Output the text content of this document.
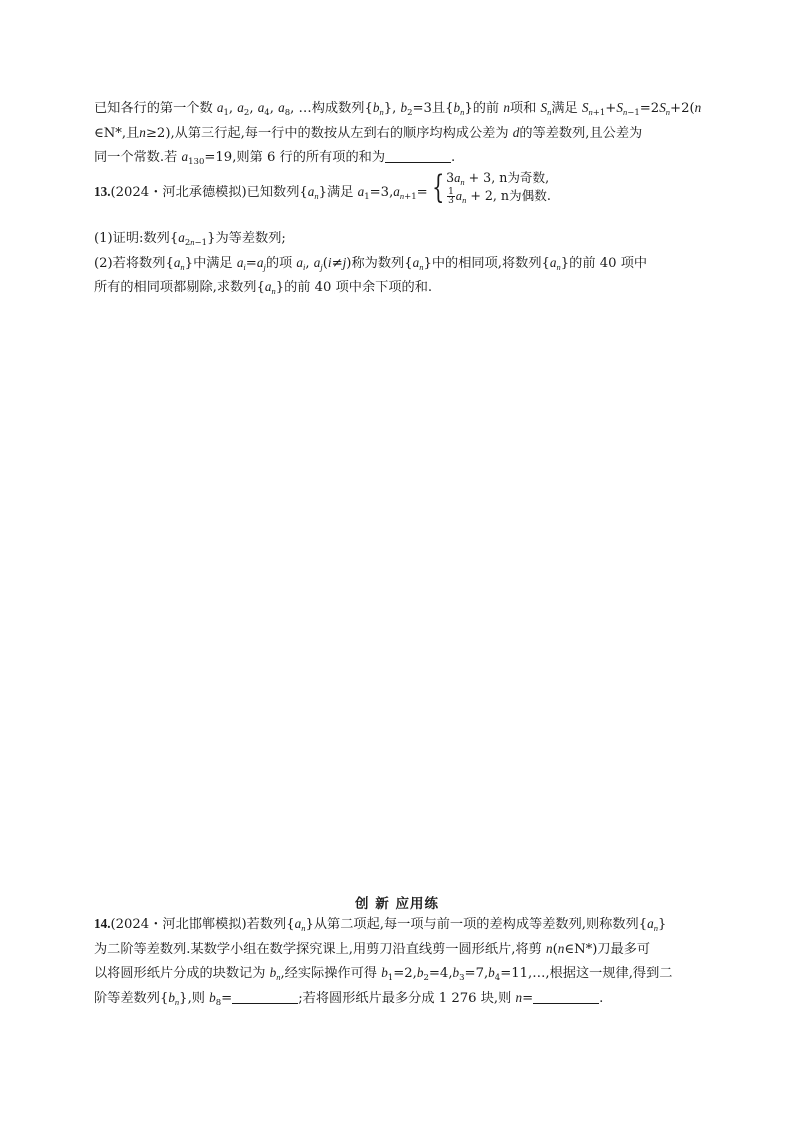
已知各行的第一个数 $a_1$, $a_2$, $a_4$, $a_8$, …构成数列$\{b_n\}$, $b_2=3$且$\{b_n\}$的前 n项和 $S_n$满足 $S_{n+1}+S_{n-1}=2S_n+2(n$
∈N*,且n≥2),从第三行起,每一行中的数按从左到右的顺序均构成公差为 d的等差数列,且公差为
同一个常数.若 $a_{130}=19$,则第 6 行的所有项的和为	.
13.(2024・河北承德模拟)已知数列$\{a_n\}$满足 $a_1=3,a_{n+1}=$ { $3a_n + 3$, n为奇数,
$\frac{1}{3} a_n + 2$, n为偶数.
(1)证明:数列$\{a_{2n-1}\}$为等差数列;
(2)若将数列$\{a_n\}$中满足 $a_i=a_j$的项 $a_i$, $a_j(i\ne j)$称为数列$\{a_n\}$中的相同项,将数列$\{a_n\}$的前 40 项中
所有的相同项都剔除,求数列$\{a_n\}$的前 40 项中余下项的和.
创 新 应用练
14.(2024・河北邯郸模拟)若数列$\{a_n\}$从第二项起,每一项与前一项的差构成等差数列,则称数列$\{a_n\}$
为二阶等差数列.某数学小组在数学探究课上,用剪刀沿直线剪一圆形纸片,将剪 n(n∈N*)刀最多可
以将圆形纸片分成的块数记为 $b_n$,经实际操作可得 $b_1=2,b_2=4,b_3=7,b_4=11,\dots$,根据这一规律,得到二
阶等差数列$\{b_n\}$,则 $b_8=$	;若将圆形纸片最多分成 1 276 块,则 n=	.
